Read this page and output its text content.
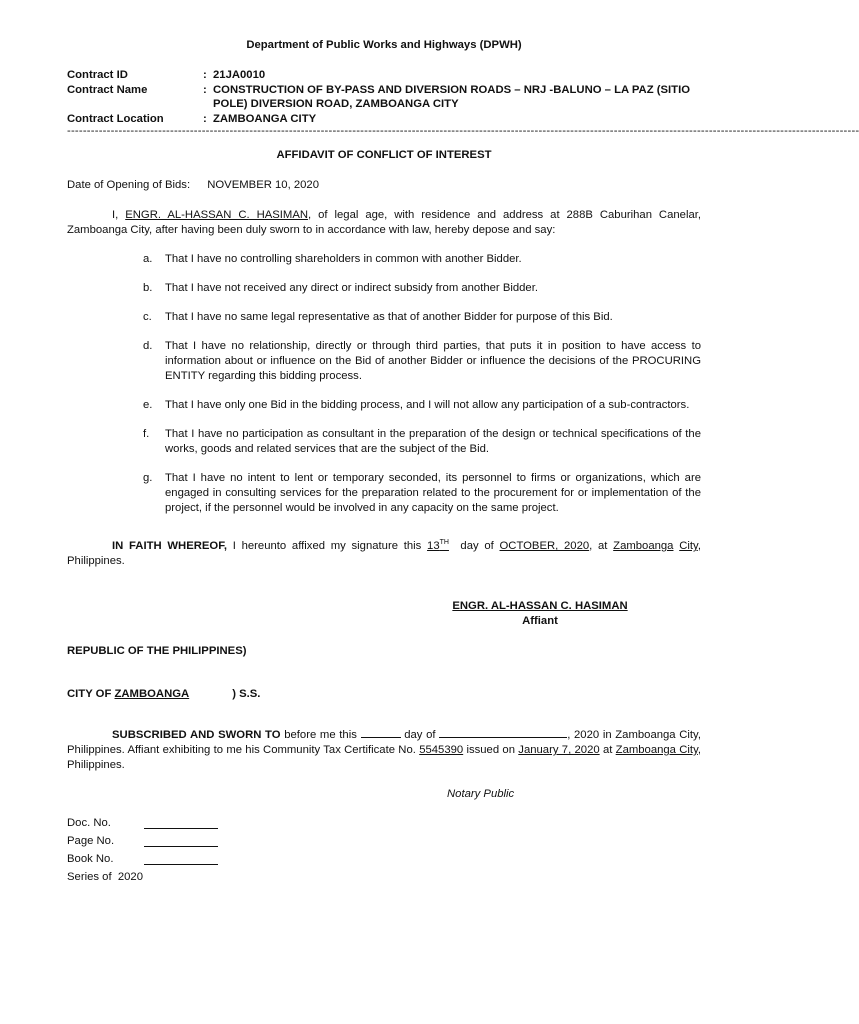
Department of Public Works and Highways (DPWH)
Contract ID	: 21JA0010
Contract Name	: CONSTRUCTION OF BY-PASS AND DIVERSION ROADS – NRJ -BALUNO – LA PAZ (SITIO POLE) DIVERSION ROAD, ZAMBOANGA CITY
Contract Location	: ZAMBOANGA CITY
--------------------------------------------------------------------------------------------------------------------------------------------------------------------------------------------------------
AFFIDAVIT OF CONFLICT OF INTEREST
Date of Opening of Bids: NOVEMBER 10, 2020
I, ENGR. AL-HASSAN C. HASIMAN, of legal age, with residence and address at 288B Caburihan Canelar, Zamboanga City, after having been duly sworn to in accordance with law, hereby depose and say:
a.	That I have no controlling shareholders in common with another Bidder.
b.	That I have not received any direct or indirect subsidy from another Bidder.
c.	That I have no same legal representative as that of another Bidder for purpose of this Bid.
d.	That I have no relationship, directly or through third parties, that puts it in position to have access to information about or influence on the Bid of another Bidder or influence the decisions of the PROCURING ENTITY regarding this bidding process.
e.	That I have only one Bid in the bidding process, and I will not allow any participation of a sub-contractors.
f.	That I have no participation as consultant in the preparation of the design or technical specifications of the works, goods and related services that are the subject of the Bid.
g.	That I have no intent to lent or temporary seconded, its personnel to firms or organizations, which are engaged in consulting services for the preparation related to the procurement for or implementation of the project, if the personnel would be involved in any capacity on the same project.
IN FAITH WHEREOF, I hereunto affixed my signature this 13TH  day of OCTOBER, 2020, at Zamboanga City, Philippines.
ENGR. AL-HASSAN C. HASIMAN
Affiant
REPUBLIC OF THE PHILIPPINES)
CITY OF ZAMBOANGA	) S.S.
SUBSCRIBED AND SWORN TO before me this	day of	, 2020 in Zamboanga City, Philippines. Affiant exhibiting to me his Community Tax Certificate No. 5545390 issued on January 7, 2020 at Zamboanga City, Philippines.
Notary Public
Doc. No.
Page No.
Book No.
Series of  2020
